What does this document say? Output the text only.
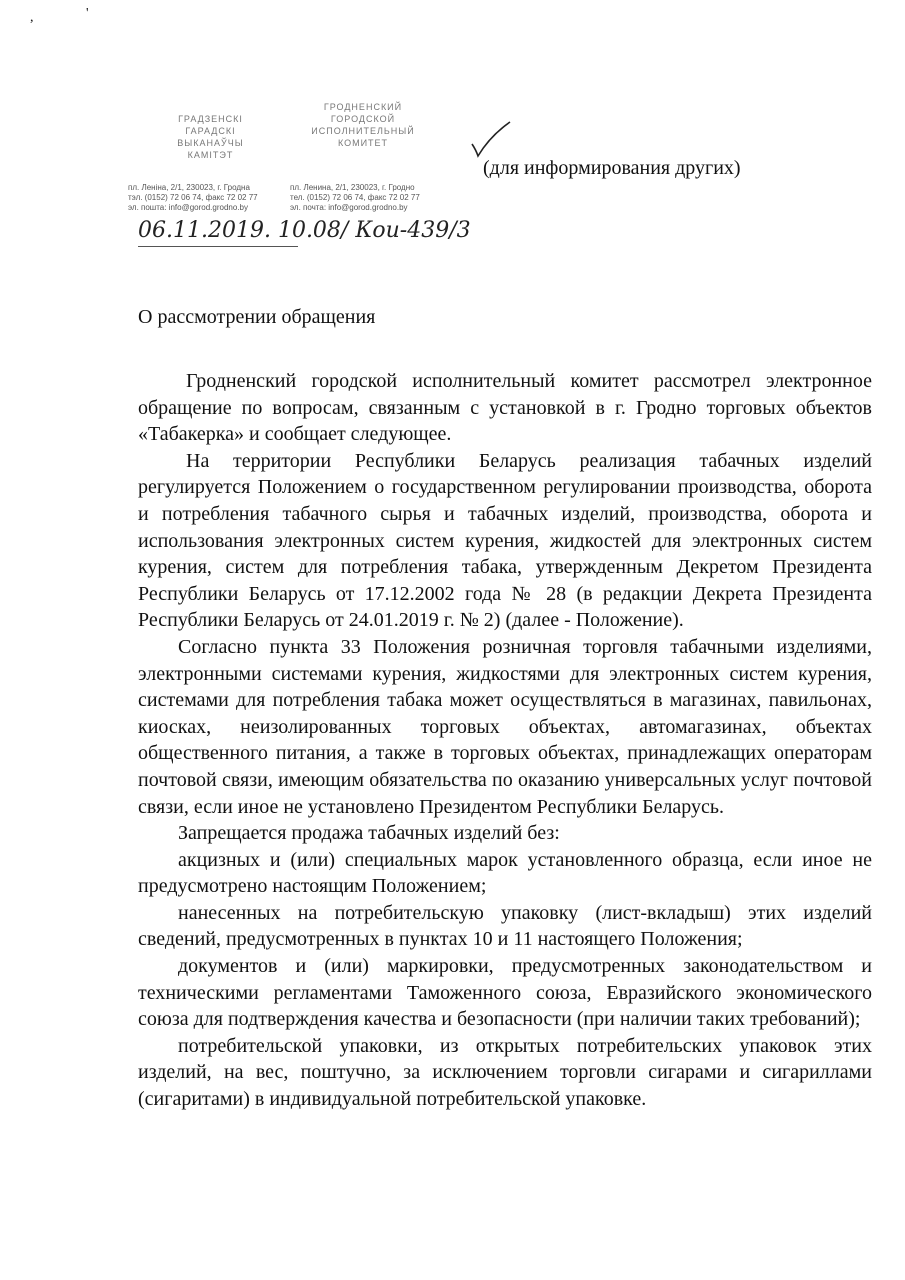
,	'
ГРАДЗЕНСКІ
ГАРАДСКІ
ВЫКАНАЎЧЫ
КАМІТЭТ
ГРОДНЕНСКИЙ
ГОРОДСКОЙ
ИСПОЛНИТЕЛЬНЫЙ
КОМИТЕТ
пл. Леніна, 2/1, 230023, г. Гродна
тэл. (0152) 72 06 74, факс 72 02 77
эл. пошта: info@gorod.grodno.by
пл. Ленина, 2/1, 230023, г. Гродно
тел. (0152) 72 06 74, факс 72 02 77
эл. почта: info@gorod.grodno.by
06.11.2019. 10.08/ Кои-439/3
(для информирования других)
О рассмотрении обращения

Гродненский городской исполнительный комитет рассмотрел электронное обращение по вопросам, связанным с установкой в г. Гродно торговых объектов «Табакерка» и сообщает следующее.

На территории Республики Беларусь реализация табачных изделий регулируется Положением о государственном регулировании производства, оборота и потребления табачного сырья и табачных изделий, производства, оборота и использования электронных систем курения, жидкостей для электронных систем курения, систем для потребления табака, утвержденным Декретом Президента Республики Беларусь от 17.12.2002 года № 28 (в редакции Декрета Президента Республики Беларусь от 24.01.2019 г. № 2) (далее - Положение).

Согласно пункта 33 Положения розничная торговля табачными изделиями, электронными системами курения, жидкостями для электронных систем курения, системами для потребления табака может осуществляться в магазинах, павильонах, киосках, неизолированных торговых объектах, автомагазинах, объектах общественного питания, а также в торговых объектах, принадлежащих операторам почтовой связи, имеющим обязательства по оказанию универсальных услуг почтовой связи, если иное не установлено Президентом Республики Беларусь.

Запрещается продажа табачных изделий без:

акцизных и (или) специальных марок установленного образца, если иное не предусмотрено настоящим Положением;

нанесенных на потребительскую упаковку (лист-вкладыш) этих изделий сведений, предусмотренных в пунктах 10 и 11 настоящего Положения;

документов и (или) маркировки, предусмотренных законодательством и техническими регламентами Таможенного союза, Евразийского экономического союза для подтверждения качества и безопасности (при наличии таких требований);

потребительской упаковки, из открытых потребительских упаковок этих изделий, на вес, поштучно, за исключением торговли сигарами и сигариллами (сигаритами) в индивидуальной потребительской упаковке.
